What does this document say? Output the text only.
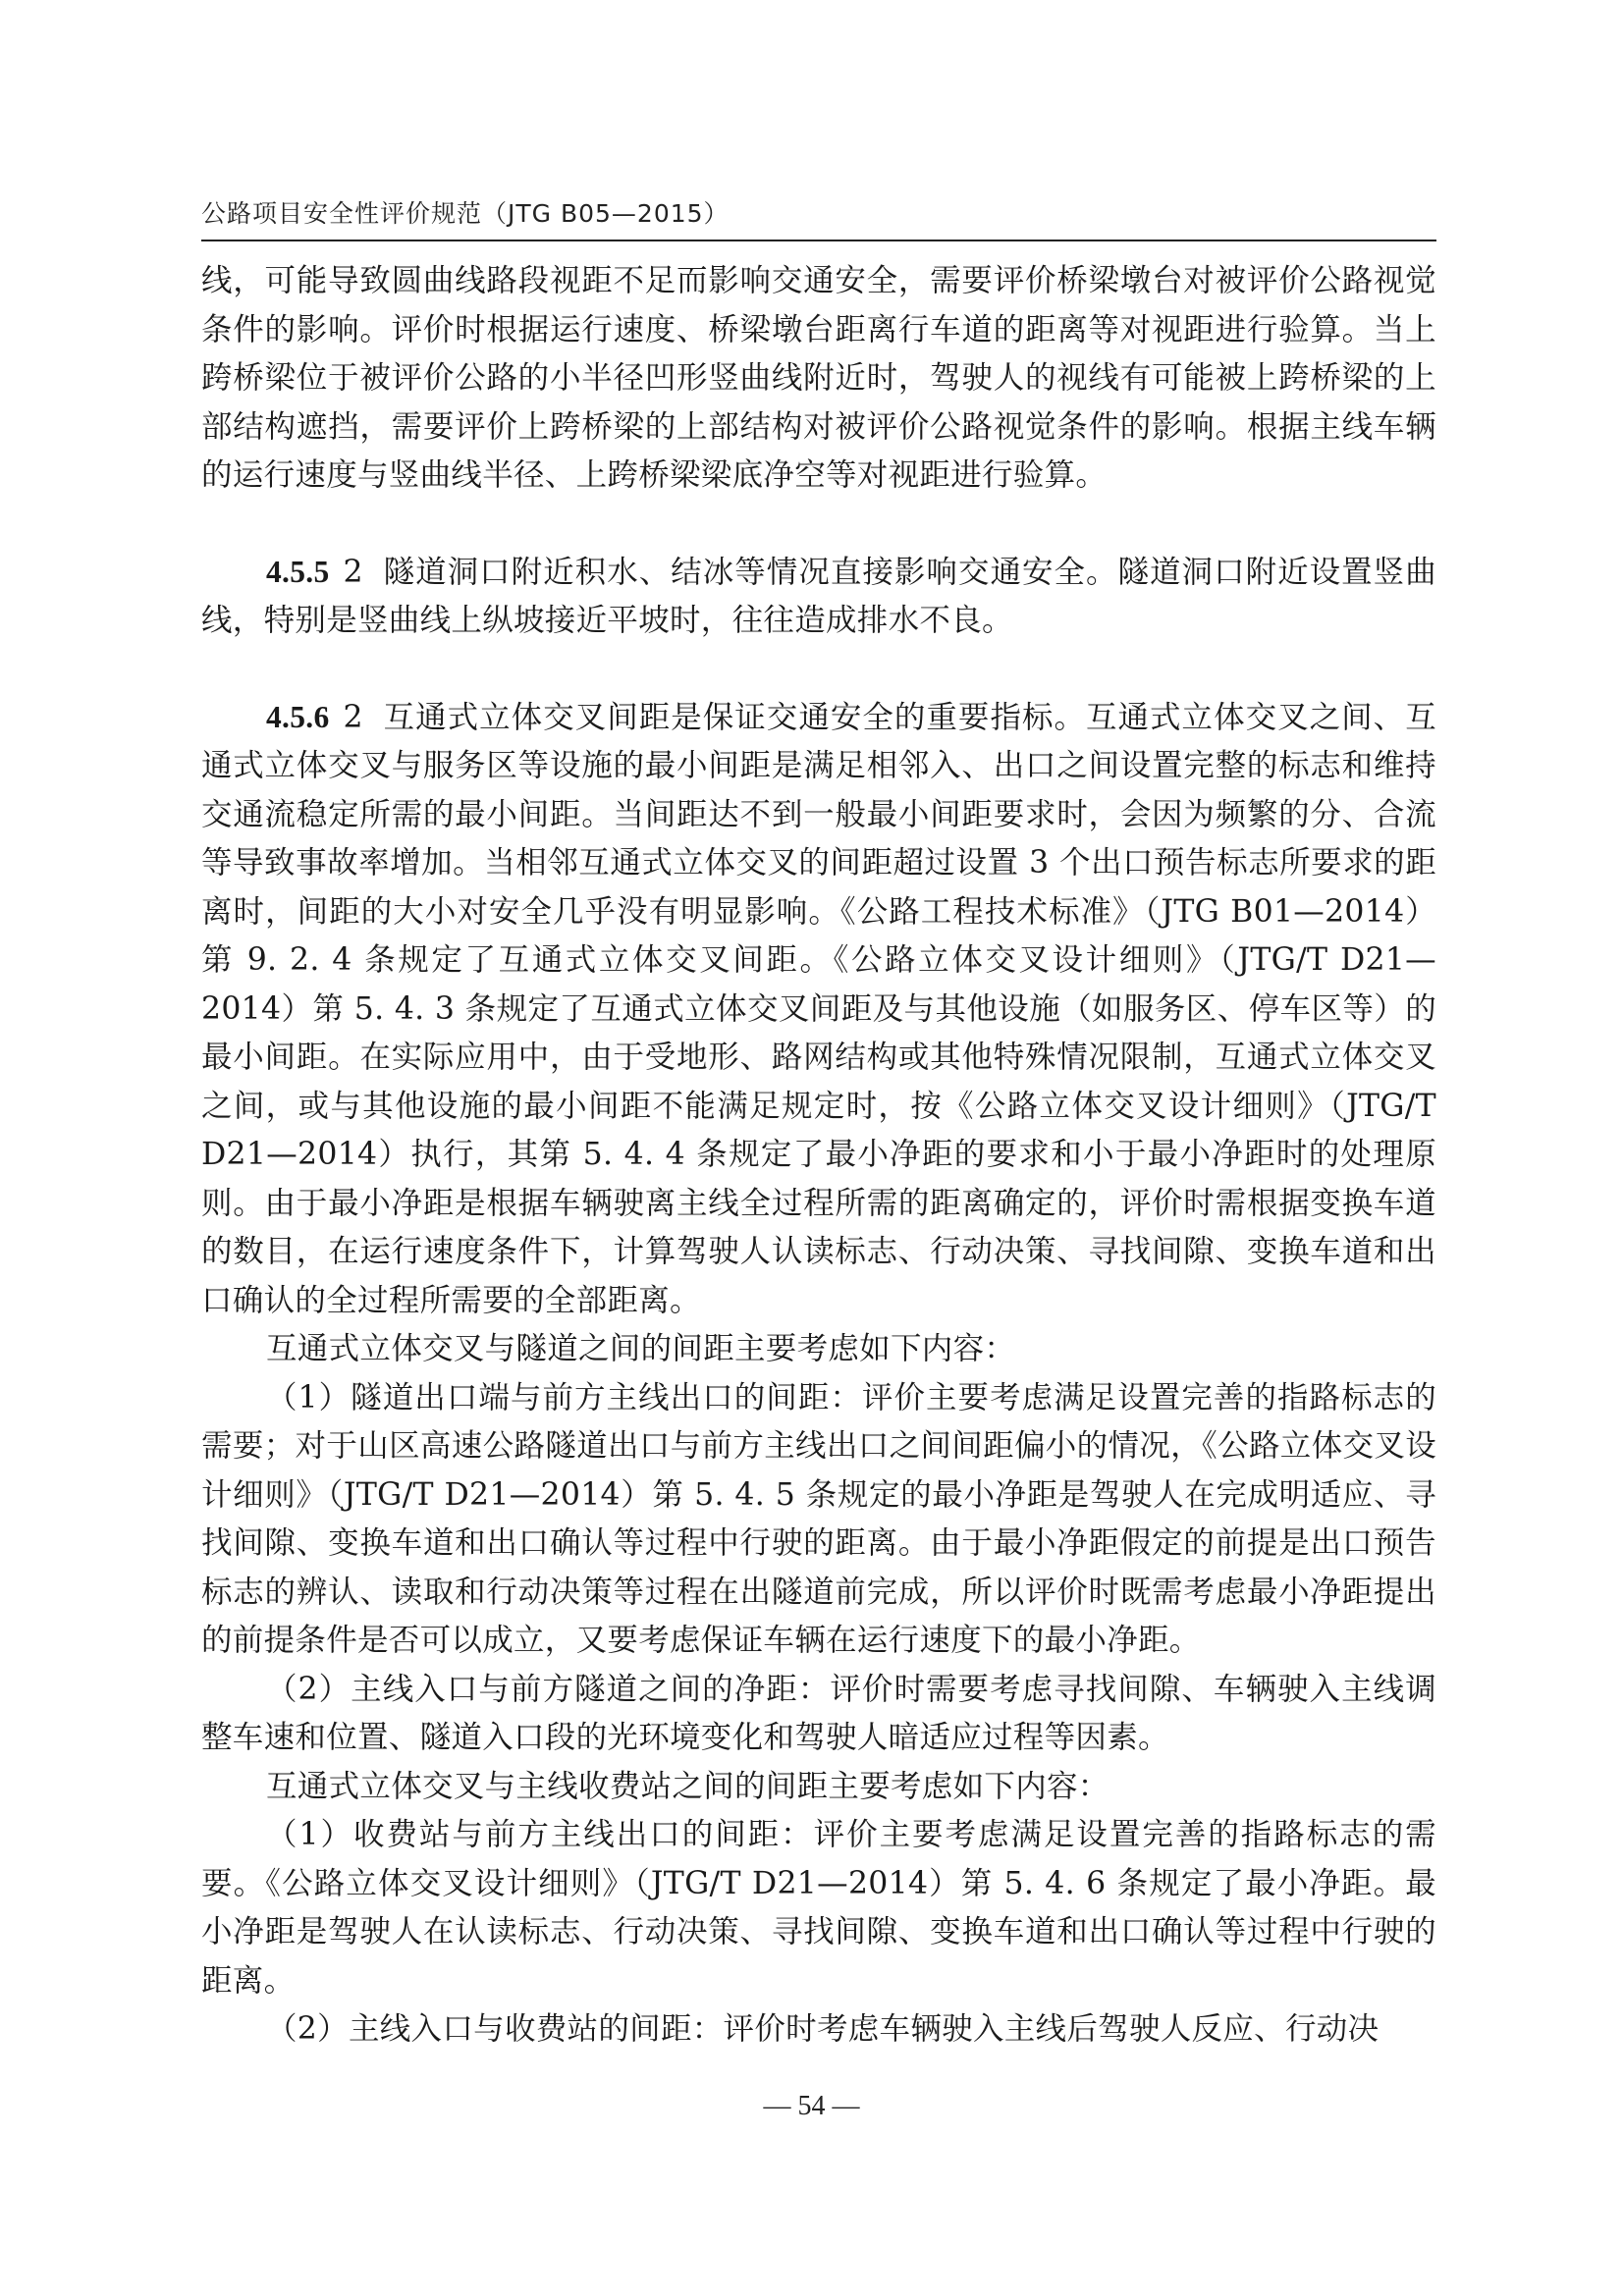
公路项目安全性评价规范（JTG B05—2015）

线，可能导致圆曲线路段视距不足而影响交通安全，需要评价桥梁墩台对被评价公路视觉条件的影响。评价时根据运行速度、桥梁墩台距离行车道的距离等对视距进行验算。当上跨桥梁位于被评价公路的小半径凹形竖曲线附近时，驾驶人的视线有可能被上跨桥梁的上部结构遮挡，需要评价上跨桥梁的上部结构对被评价公路视觉条件的影响。根据主线车辆的运行速度与竖曲线半径、上跨桥梁梁底净空等对视距进行验算。

4.5.5 2 隧道洞口附近积水、结冰等情况直接影响交通安全。隧道洞口附近设置竖曲线，特别是竖曲线上纵坡接近平坡时，往往造成排水不良。

4.5.6 2 互通式立体交叉间距是保证交通安全的重要指标。互通式立体交叉之间、互通式立体交叉与服务区等设施的最小间距是满足相邻入、出口之间设置完整的标志和维持交通流稳定所需的最小间距。当间距达不到一般最小间距要求时，会因为频繁的分、合流等导致事故率增加。当相邻互通式立体交叉的间距超过设置 3 个出口预告标志所要求的距离时，间距的大小对安全几乎没有明显影响。《公路工程技术标准》（JTG B01—2014）第 9. 2. 4 条规定了互通式立体交叉间距。《公路立体交叉设计细则》（JTG/T D21—2014）第 5. 4. 3 条规定了互通式立体交叉间距及与其他设施（如服务区、停车区等）的最小间距。在实际应用中，由于受地形、路网结构或其他特殊情况限制，互通式立体交叉之间，或与其他设施的最小间距不能满足规定时，按《公路立体交叉设计细则》（JTG/T D21—2014）执行，其第 5. 4. 4 条规定了最小净距的要求和小于最小净距时的处理原则。由于最小净距是根据车辆驶离主线全过程所需的距离确定的，评价时需根据变换车道的数目，在运行速度条件下，计算驾驶人认读标志、行动决策、寻找间隙、变换车道和出口确认的全过程所需要的全部距离。

互通式立体交叉与隧道之间的间距主要考虑如下内容：

（1）隧道出口端与前方主线出口的间距：评价主要考虑满足设置完善的指路标志的需要；对于山区高速公路隧道出口与前方主线出口之间间距偏小的情况，《公路立体交叉设计细则》（JTG/T D21—2014）第 5. 4. 5 条规定的最小净距是驾驶人在完成明适应、寻找间隙、变换车道和出口确认等过程中行驶的距离。由于最小净距假定的前提是出口预告标志的辨认、读取和行动决策等过程在出隧道前完成，所以评价时既需考虑最小净距提出的前提条件是否可以成立，又要考虑保证车辆在运行速度下的最小净距。

（2）主线入口与前方隧道之间的净距：评价时需要考虑寻找间隙、车辆驶入主线调整车速和位置、隧道入口段的光环境变化和驾驶人暗适应过程等因素。

互通式立体交叉与主线收费站之间的间距主要考虑如下内容：

（1）收费站与前方主线出口的间距：评价主要考虑满足设置完善的指路标志的需要。《公路立体交叉设计细则》（JTG/T D21—2014）第 5. 4. 6 条规定了最小净距。最小净距是驾驶人在认读标志、行动决策、寻找间隙、变换车道和出口确认等过程中行驶的距离。

（2）主线入口与收费站的间距：评价时考虑车辆驶入主线后驾驶人反应、行动决

— 54 —
